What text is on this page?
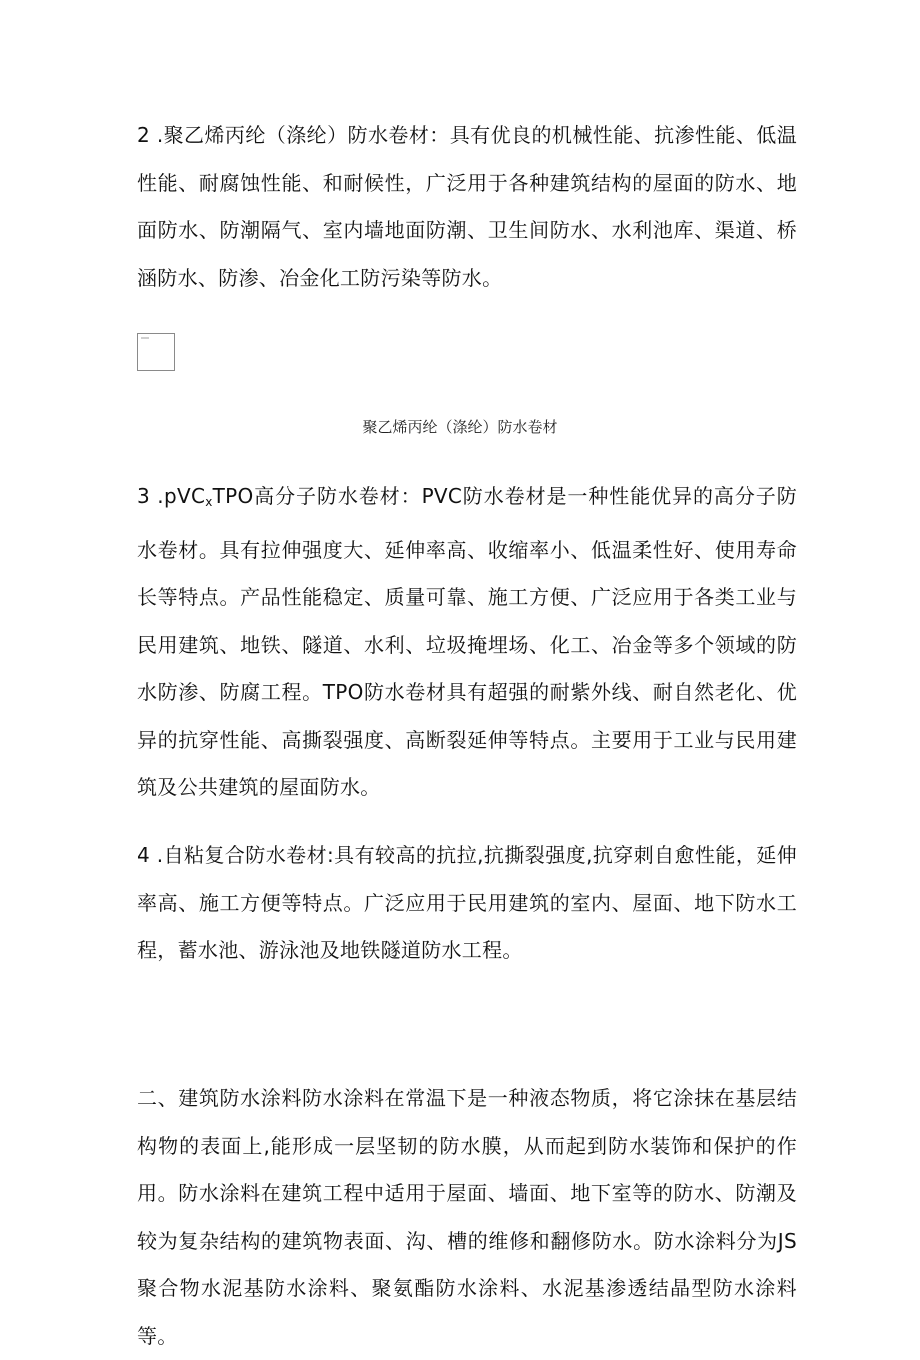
2 .聚乙烯丙纶（涤纶）防水卷材：具有优良的机械性能、抗渗性能、低温性能、耐腐蚀性能、和耐候性，广泛用于各种建筑结构的屋面的防水、地面防水、防潮隔气、室内墙地面防潮、卫生间防水、水利池库、渠道、桥涵防水、防渗、冶金化工防污染等防水。

聚乙烯丙纶（涤纶）防水卷材

3 .pVC$_x$TPO高分子防水卷材：PVC防水卷材是一种性能优异的高分子防水卷材。具有拉伸强度大、延伸率高、收缩率小、低温柔性好、使用寿命长等特点。产品性能稳定、质量可靠、施工方便、广泛应用于各类工业与民用建筑、地铁、隧道、水利、垃圾掩埋场、化工、冶金等多个领域的防水防渗、防腐工程。TPO防水卷材具有超强的耐紫外线、耐自然老化、优异的抗穿性能、高撕裂强度、高断裂延伸等特点。主要用于工业与民用建筑及公共建筑的屋面防水。

4 .自粘复合防水卷材:具有较高的抗拉,抗撕裂强度,抗穿刺自愈性能，延伸率高、施工方便等特点。广泛应用于民用建筑的室内、屋面、地下防水工程，蓄水池、游泳池及地铁隧道防水工程。

二、建筑防水涂料防水涂料在常温下是一种液态物质，将它涂抹在基层结构物的表面上,能形成一层坚韧的防水膜，从而起到防水装饰和保护的作用。防水涂料在建筑工程中适用于屋面、墙面、地下室等的防水、防潮及较为复杂结构的建筑物表面、沟、槽的维修和翻修防水。防水涂料分为JS聚合物水泥基防水涂料、聚氨酯防水涂料、水泥基渗透结晶型防水涂料等。
